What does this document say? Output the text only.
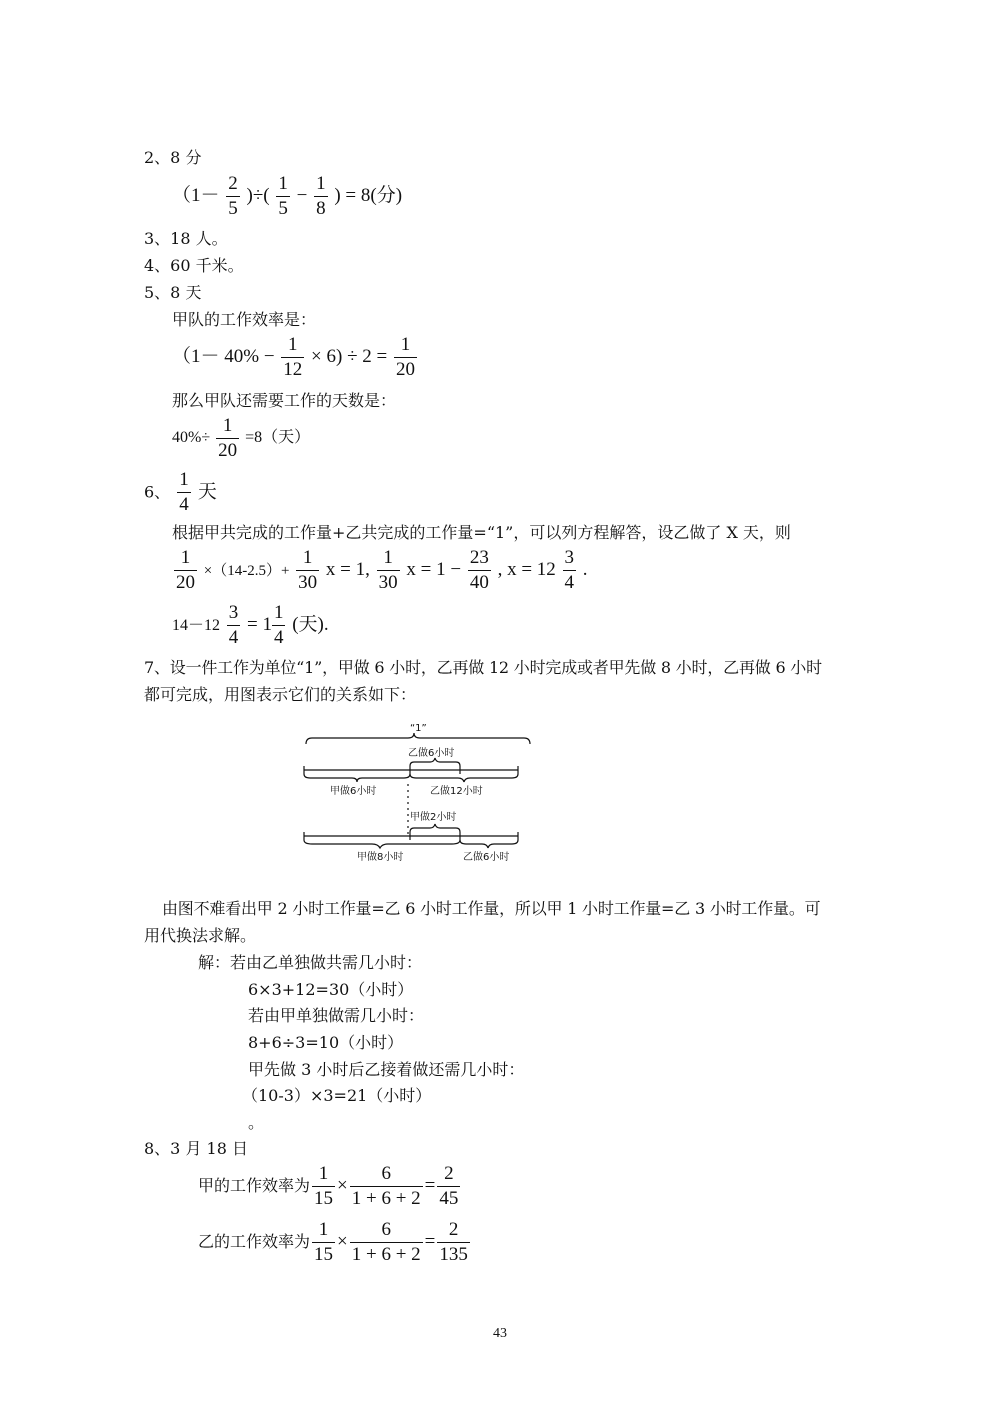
2、8 分
（$1- \frac{2}{5}$ )÷( $\frac{1}{5} - \frac{1}{8}$ ) = 8(分)
3、18 人。
4、60 千米。
5、8 天
甲队的工作效率是：
$(1- 40\% - \frac{1}{12} \times 6) \div 2 = \frac{1}{20}$
那么甲队还需要工作的天数是：
$40\%\div \frac{1}{20} =8$（天）
6、 $\frac{1}{4}$ 天
根据甲共完成的工作量+乙共完成的工作量=“1”，可以列方程解答，设乙做了 X 天，则
$\frac{1}{20} \times(14-2.5)+ \frac{1}{30}$ x = 1, $\frac{1}{30}$ $x = 1 - \frac{23}{40}$ , $x = 12 \frac{3}{4}$ .
$14-12 \frac{3}{4} = 1 \frac{1}{4}$ (天).
7、设一件工作为单位“1”，甲做 6 小时，乙再做 12 小时完成或者甲先做 8 小时，乙再做 6 小时
都可完成，用图表示它们的关系如下：
“1”
乙做6小时
甲做6小时	乙做12小时
甲做2小时
甲做8小时	乙做6小时
由图不难看出甲 2 小时工作量=乙 6 小时工作量，所以甲 1 小时工作量=乙 3 小时工作量。可
用代换法求解。
解：若由乙单独做共需几小时：
6×3+12=30（小时）
若由甲单独做需几小时：
8+6÷3=10（小时）
甲先做 3 小时后乙接着做还需几小时：
（10-3）×3=21（小时）
。
8、3 月 18 日
甲的工作效率为 $\frac{1}{15} \times \frac{6}{1 + 6 + 2} = \frac{2}{45}$
乙的工作效率为 $\frac{1}{15} \times \frac{6}{1 + 6 + 2} = \frac{2}{135}$
43
